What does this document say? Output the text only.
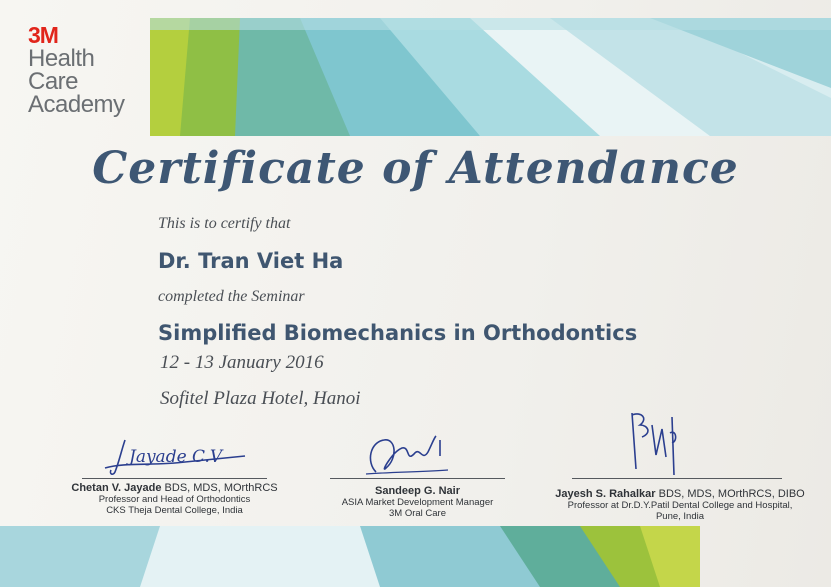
3M
Health
Care
Academy
Certificate of Attendance
This is to certify that
Dr. Tran Viet Ha
completed the Seminar
Simplified Biomechanics in Orthodontics
12 - 13 January 2016
Sofitel Plaza Hotel, Hanoi
Jayade C.V
Chetan V. Jayade BDS, MDS, MOrthRCS
Professor and Head of Orthodontics
CKS Theja Dental College, India
Sandeep G. Nair
ASIA Market Development Manager
3M Oral Care
Jayesh S. Rahalkar BDS, MDS, MOrthRCS, DIBO
Professor at Dr.D.Y.Patil Dental College and Hospital,
Pune, India
